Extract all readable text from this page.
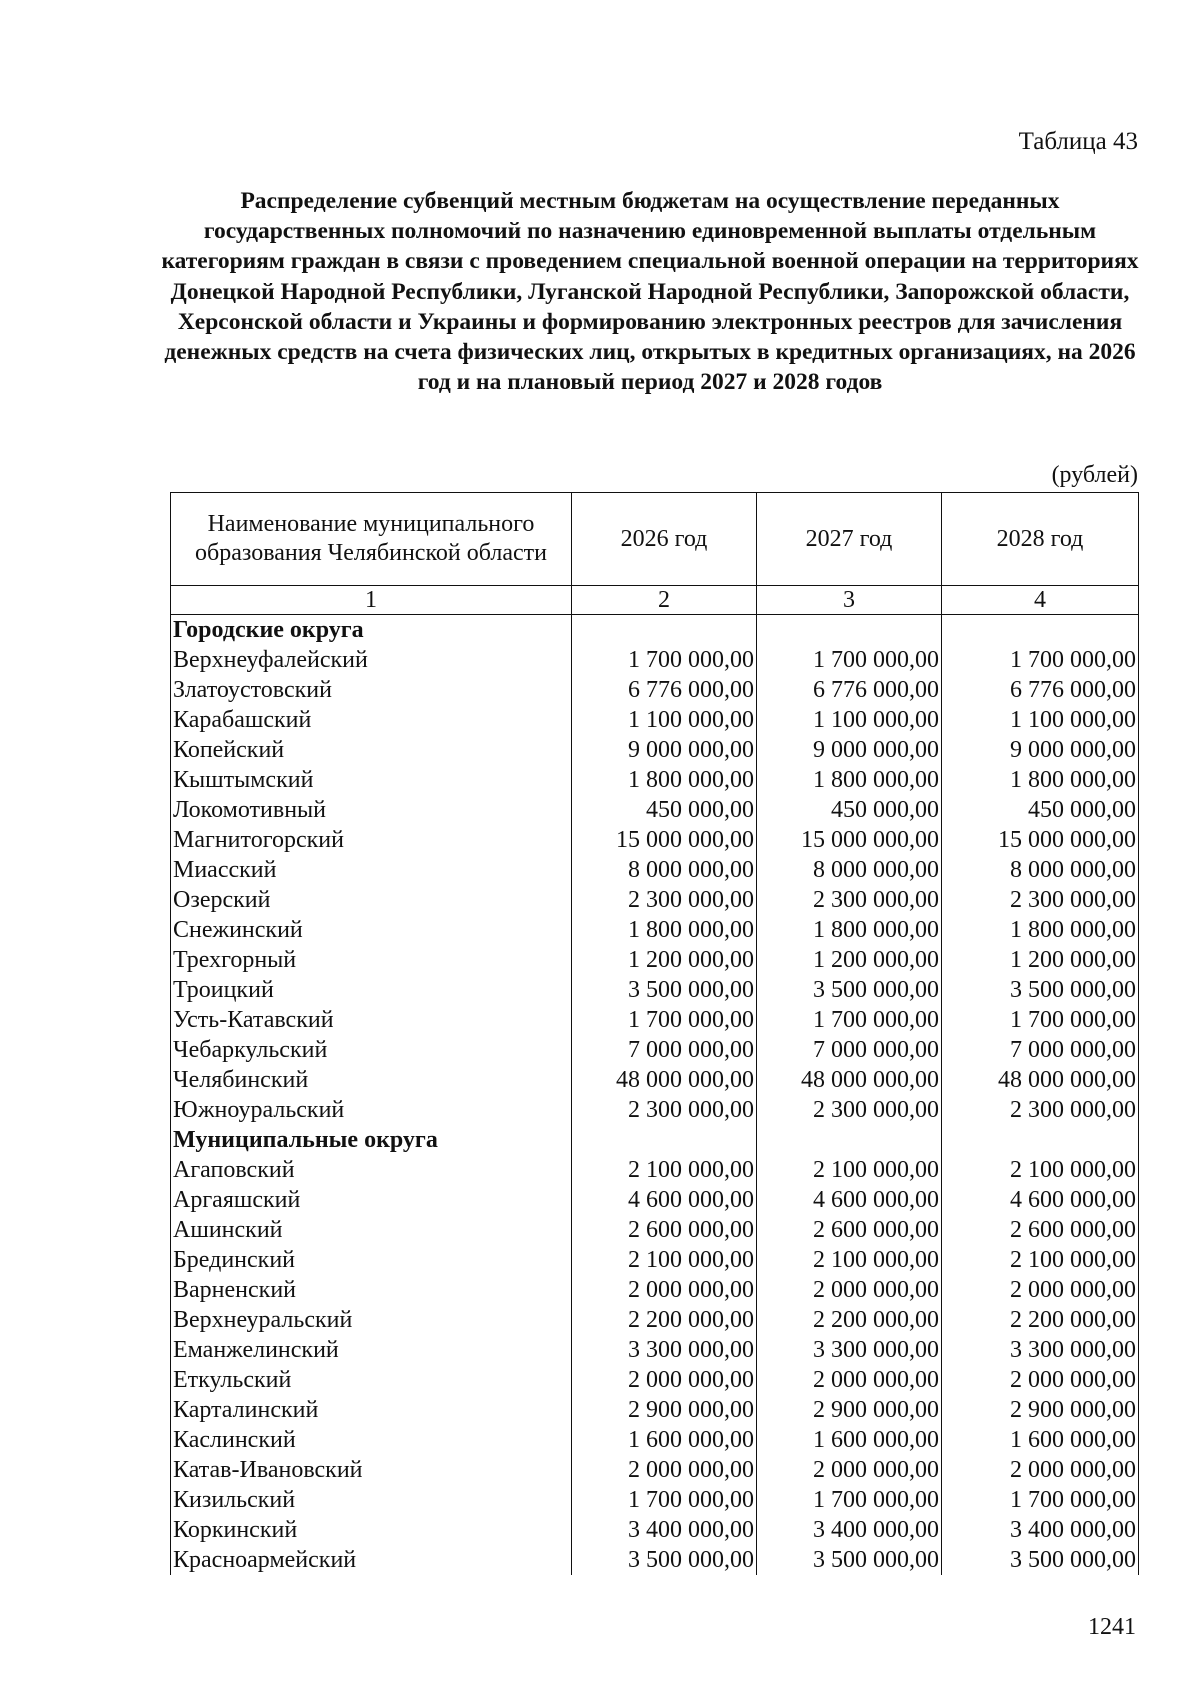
Таблица 43
Распределение субвенций местным бюджетам на осуществление переданных государственных полномочий по назначению единовременной выплаты отдельным категориям граждан в связи с проведением специальной военной операции на территориях Донецкой Народной Республики, Луганской Народной Республики, Запорожской области, Херсонской области и Украины и формированию электронных реестров для зачисления денежных средств на счета физических лиц, открытых в кредитных организациях, на 2026 год и на плановый период 2027 и 2028 годов
(рублей)
Наименование муниципального образования Челябинской области	2026 год	2027 год	2028 год
1	2	3	4
Городские округа			
Верхнеуфалейский	1 700 000,00	1 700 000,00	1 700 000,00
Златоустовский	6 776 000,00	6 776 000,00	6 776 000,00
Карабашский	1 100 000,00	1 100 000,00	1 100 000,00
Копейский	9 000 000,00	9 000 000,00	9 000 000,00
Кыштымский	1 800 000,00	1 800 000,00	1 800 000,00
Локомотивный	450 000,00	450 000,00	450 000,00
Магнитогорский	15 000 000,00	15 000 000,00	15 000 000,00
Миасский	8 000 000,00	8 000 000,00	8 000 000,00
Озерский	2 300 000,00	2 300 000,00	2 300 000,00
Снежинский	1 800 000,00	1 800 000,00	1 800 000,00
Трехгорный	1 200 000,00	1 200 000,00	1 200 000,00
Троицкий	3 500 000,00	3 500 000,00	3 500 000,00
Усть-Катавский	1 700 000,00	1 700 000,00	1 700 000,00
Чебаркульский	7 000 000,00	7 000 000,00	7 000 000,00
Челябинский	48 000 000,00	48 000 000,00	48 000 000,00
Южноуральский	2 300 000,00	2 300 000,00	2 300 000,00
Муниципальные округа			
Агаповский	2 100 000,00	2 100 000,00	2 100 000,00
Аргаяшский	4 600 000,00	4 600 000,00	4 600 000,00
Ашинский	2 600 000,00	2 600 000,00	2 600 000,00
Брединский	2 100 000,00	2 100 000,00	2 100 000,00
Варненский	2 000 000,00	2 000 000,00	2 000 000,00
Верхнеуральский	2 200 000,00	2 200 000,00	2 200 000,00
Еманжелинский	3 300 000,00	3 300 000,00	3 300 000,00
Еткульский	2 000 000,00	2 000 000,00	2 000 000,00
Карталинский	2 900 000,00	2 900 000,00	2 900 000,00
Каслинский	1 600 000,00	1 600 000,00	1 600 000,00
Катав-Ивановский	2 000 000,00	2 000 000,00	2 000 000,00
Кизильский	1 700 000,00	1 700 000,00	1 700 000,00
Коркинский	3 400 000,00	3 400 000,00	3 400 000,00
Красноармейский	3 500 000,00	3 500 000,00	3 500 000,00
1241
